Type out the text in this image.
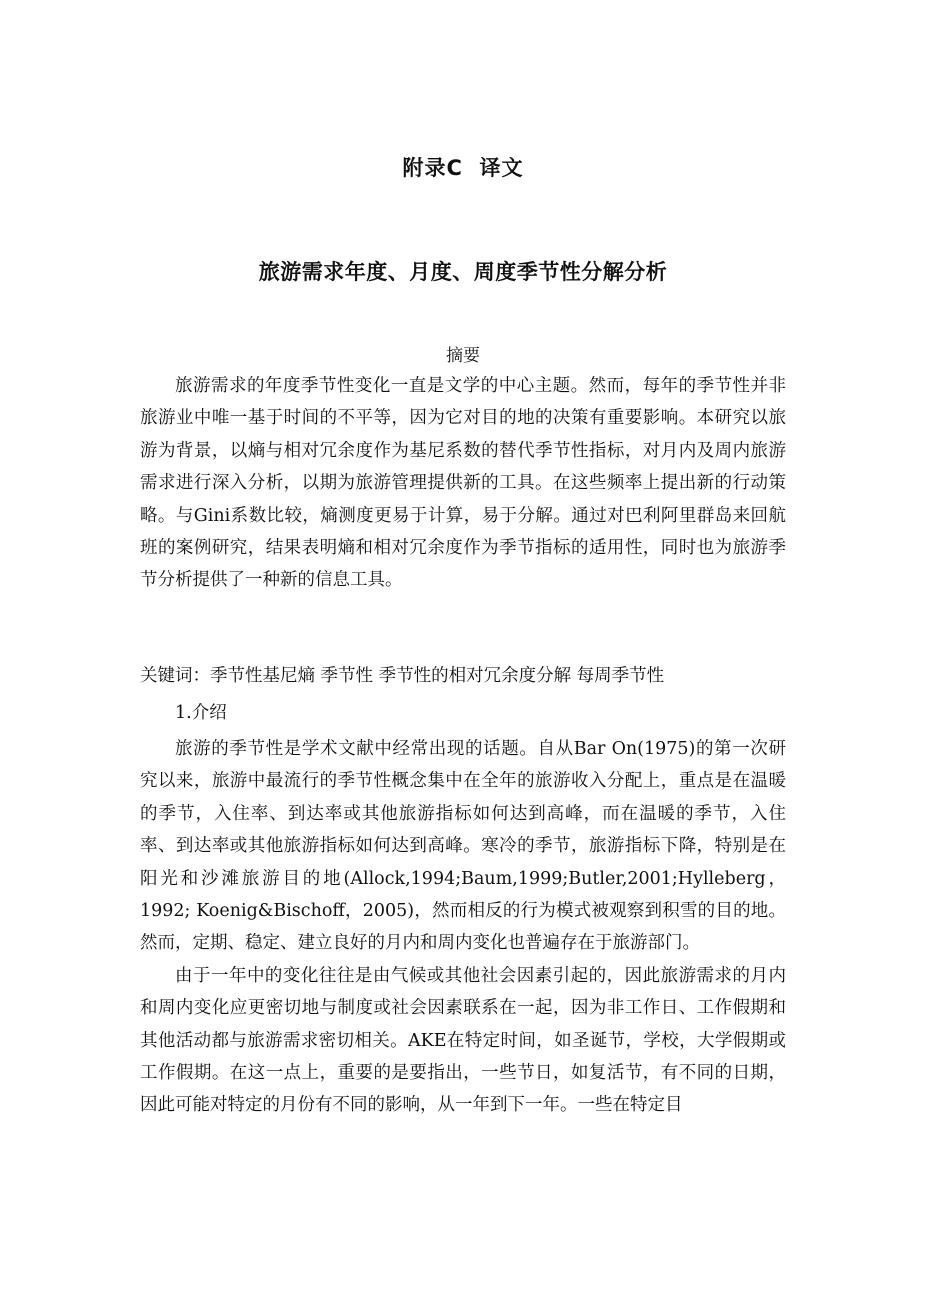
附录C  译文
旅游需求年度、月度、周度季节性分解分析
摘要

旅游需求的年度季节性变化一直是文学的中心主题。然而，每年的季节性并非旅游业中唯一基于时间的不平等，因为它对目的地的决策有重要影响。本研究以旅游为背景，以熵与相对冗余度作为基尼系数的替代季节性指标，对月内及周内旅游需求进行深入分析，以期为旅游管理提供新的工具。在这些频率上提出新的行动策略。与Gini系数比较，熵测度更易于计算，易于分解。通过对巴利阿里群岛来回航班的案例研究，结果表明熵和相对冗余度作为季节指标的适用性，同时也为旅游季节分析提供了一种新的信息工具。

关键词：季节性基尼熵 季节性 季节性的相对冗余度分解 每周季节性
1.介绍

旅游的季节性是学术文献中经常出现的话题。自从Bar On(1975)的第一次研究以来，旅游中最流行的季节性概念集中在全年的旅游收入分配上，重点是在温暖的季节，入住率、到达率或其他旅游指标如何达到高峰，而在温暖的季节，入住率、到达率或其他旅游指标如何达到高峰。寒冷的季节，旅游指标下降，特别是在阳光和沙滩旅游目的地(Allock,1994;Baum,1999;Butler,2001;Hylleberg，1992; Koenig&Bischoff，2005)，然而相反的行为模式被观察到积雪的目的地。然而，定期、稳定、建立良好的月内和周内变化也普遍存在于旅游部门。

由于一年中的变化往往是由气候或其他社会因素引起的，因此旅游需求的月内和周内变化应更密切地与制度或社会因素联系在一起，因为非工作日、工作假期和其他活动都与旅游需求密切相关。AKE在特定时间，如圣诞节，学校，大学假期或工作假期。在这一点上，重要的是要指出，一些节日，如复活节，有不同的日期，因此可能对特定的月份有不同的影响，从一年到下一年。一些在特定目
